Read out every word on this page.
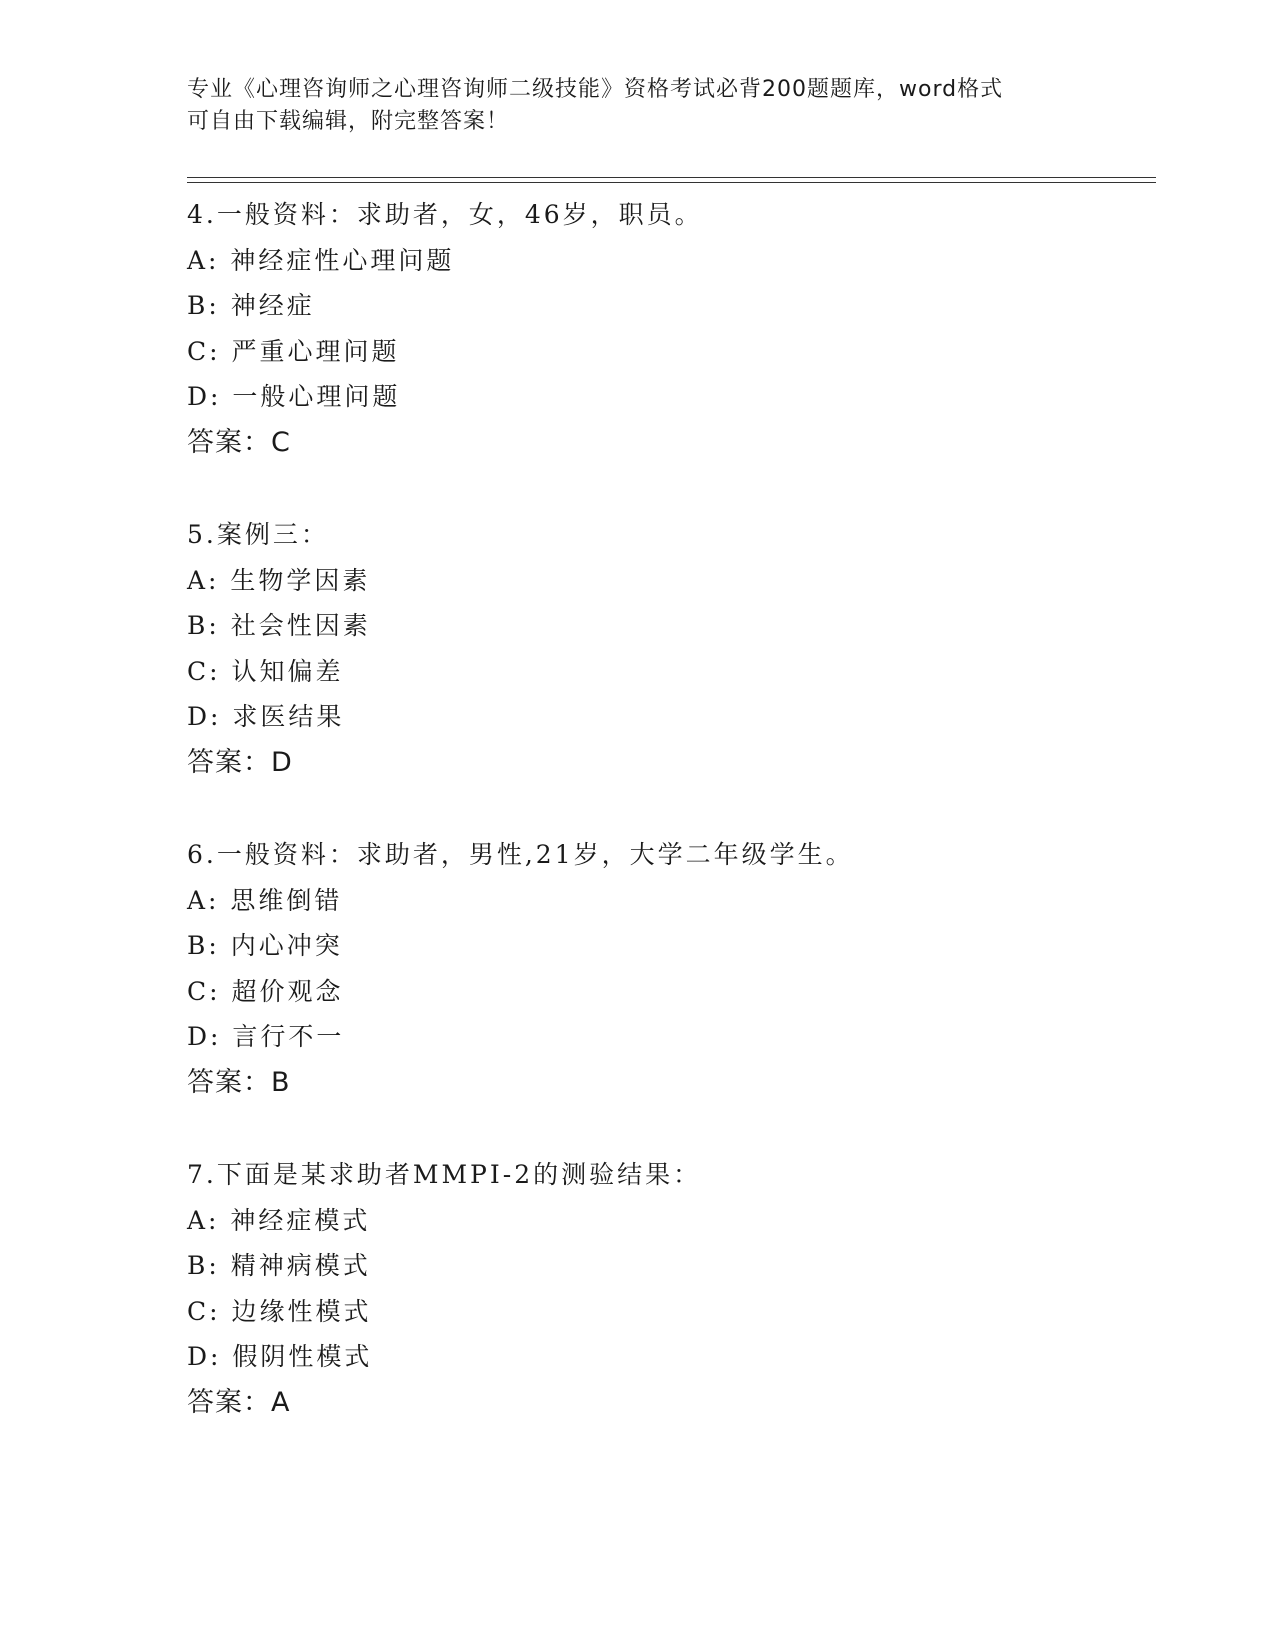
专业《心理咨询师之心理咨询师二级技能》资格考试必背200题题库，word格式
可自由下载编辑，附完整答案！
4.一般资料：求助者，女，46岁，职员。
A: 神经症性心理问题
B: 神经症
C: 严重心理问题
D: 一般心理问题
答案：C
5.案例三：
A: 生物学因素
B: 社会性因素
C: 认知偏差
D: 求医结果
答案：D
6.一般资料：求助者，男性,21岁，大学二年级学生。
A: 思维倒错
B: 内心冲突
C: 超价观念
D: 言行不一
答案：B
7.下面是某求助者MMPI-2的测验结果：
A: 神经症模式
B: 精神病模式
C: 边缘性模式
D: 假阴性模式
答案：A
